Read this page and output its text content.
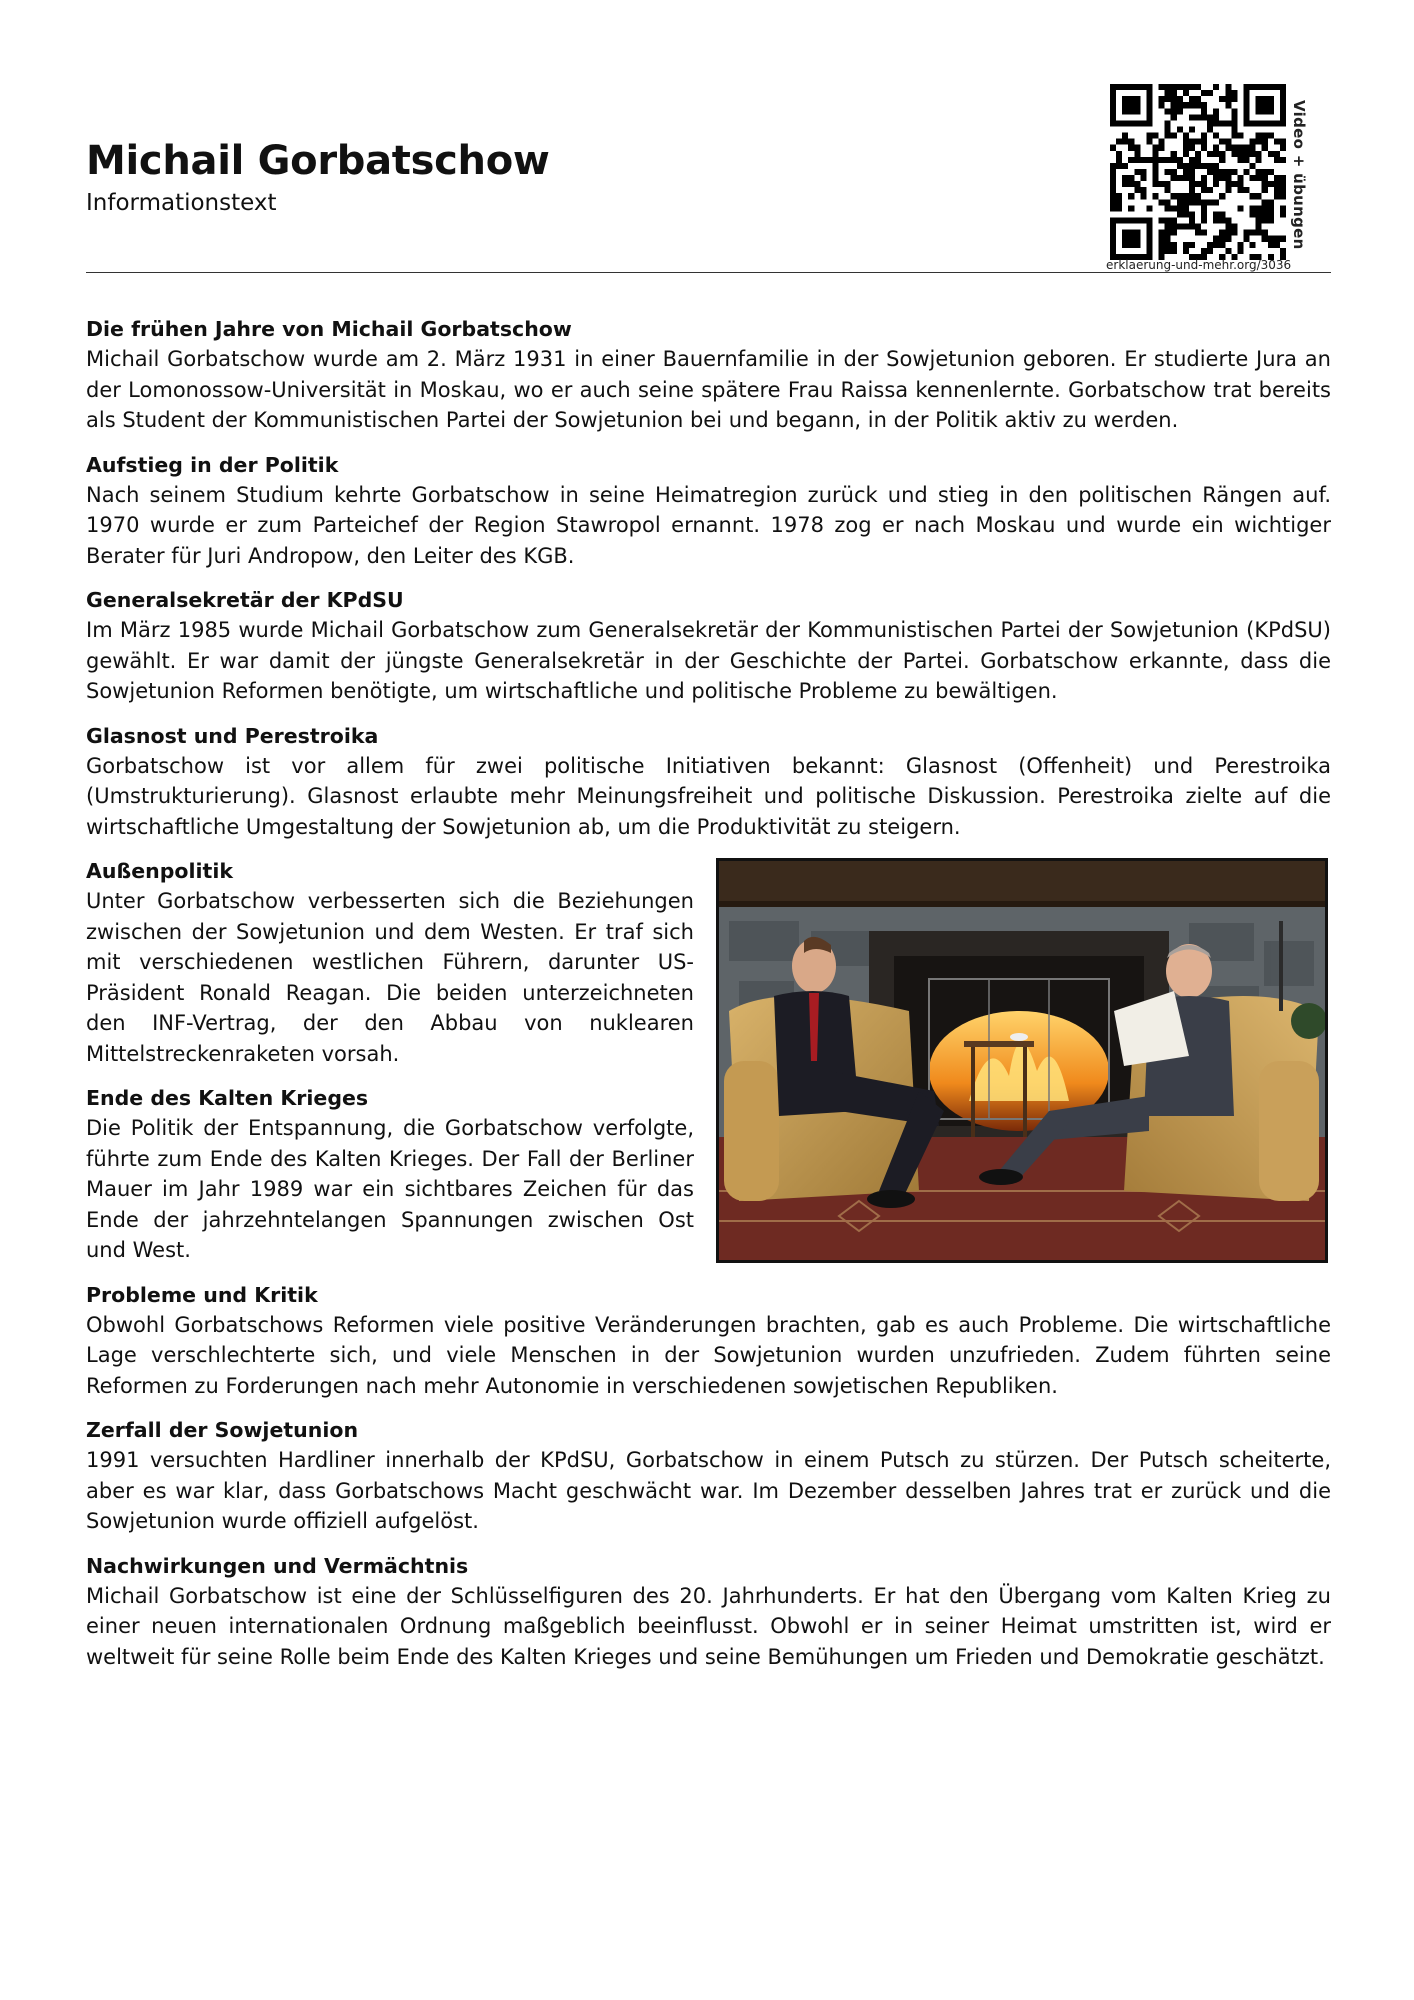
Michail Gorbatschow
Informationstext
erklaerung-und-mehr.org/3036
Video + übungen
Die frühen Jahre von Michail Gorbatschow

Michail Gorbatschow wurde am 2. März 1931 in einer Bauernfamilie in der Sowjetunion geboren. Er studierte Jura an der Lomonossow-Universität in Moskau, wo er auch seine spätere Frau Raissa kennenlernte. Gorbatschow trat bereits als Student der Kommunistischen Partei der Sowjetunion bei und begann, in der Politik aktiv zu werden.

Aufstieg in der Politik

Nach seinem Studium kehrte Gorbatschow in seine Heimatregion zurück und stieg in den politischen Rängen auf. 1970 wurde er zum Parteichef der Region Stawropol ernannt. 1978 zog er nach Moskau und wurde ein wichtiger Berater für Juri Andropow, den Leiter des KGB.

Generalsekretär der KPdSU

Im März 1985 wurde Michail Gorbatschow zum Generalsekretär der Kommunistischen Partei der Sowjetunion (KPdSU) gewählt. Er war damit der jüngste Generalsekretär in der Geschichte der Partei. Gorbatschow erkannte, dass die Sowjetunion Reformen benötigte, um wirtschaftliche und politische Probleme zu bewältigen.

Glasnost und Perestroika

Gorbatschow ist vor allem für zwei politische Initiativen bekannt: Glasnost (Offenheit) und Perestroika (Umstrukturierung). Glasnost erlaubte mehr Meinungsfreiheit und politische Diskussion. Perestroika zielte auf die wirtschaftliche Umgestaltung der Sowjetunion ab, um die Produktivität zu steigern.

Außenpolitik

Unter Gorbatschow verbesserten sich die Beziehungen zwischen der Sowjetunion und dem Westen. Er traf sich mit verschiedenen westlichen Führern, darunter US-Präsident Ronald Reagan. Die beiden unterzeichneten den INF-Vertrag, der den Abbau von nuklearen Mittelstreckenraketen vorsah.

Ende des Kalten Krieges

Die Politik der Entspannung, die Gorbatschow verfolgte, führte zum Ende des Kalten Krieges. Der Fall der Berliner Mauer im Jahr 1989 war ein sichtbares Zeichen für das Ende der jahrzehntelangen Spannungen zwischen Ost und West.

Probleme und Kritik

Obwohl Gorbatschows Reformen viele positive Veränderungen brachten, gab es auch Probleme. Die wirtschaftliche Lage verschlechterte sich, und viele Menschen in der Sowjetunion wurden unzufrieden. Zudem führten seine Reformen zu Forderungen nach mehr Autonomie in verschiedenen sowjetischen Republiken.

Zerfall der Sowjetunion

1991 versuchten Hardliner innerhalb der KPdSU, Gorbatschow in einem Putsch zu stürzen. Der Putsch scheiterte, aber es war klar, dass Gorbatschows Macht geschwächt war. Im Dezember desselben Jahres trat er zurück und die Sowjetunion wurde offiziell aufgelöst.

Nachwirkungen und Vermächtnis

Michail Gorbatschow ist eine der Schlüsselfiguren des 20. Jahrhunderts. Er hat den Übergang vom Kalten Krieg zu einer neuen internationalen Ordnung maßgeblich beeinflusst. Obwohl er in seiner Heimat umstritten ist, wird er weltweit für seine Rolle beim Ende des Kalten Krieges und seine Bemühungen um Frieden und Demokratie geschätzt.
